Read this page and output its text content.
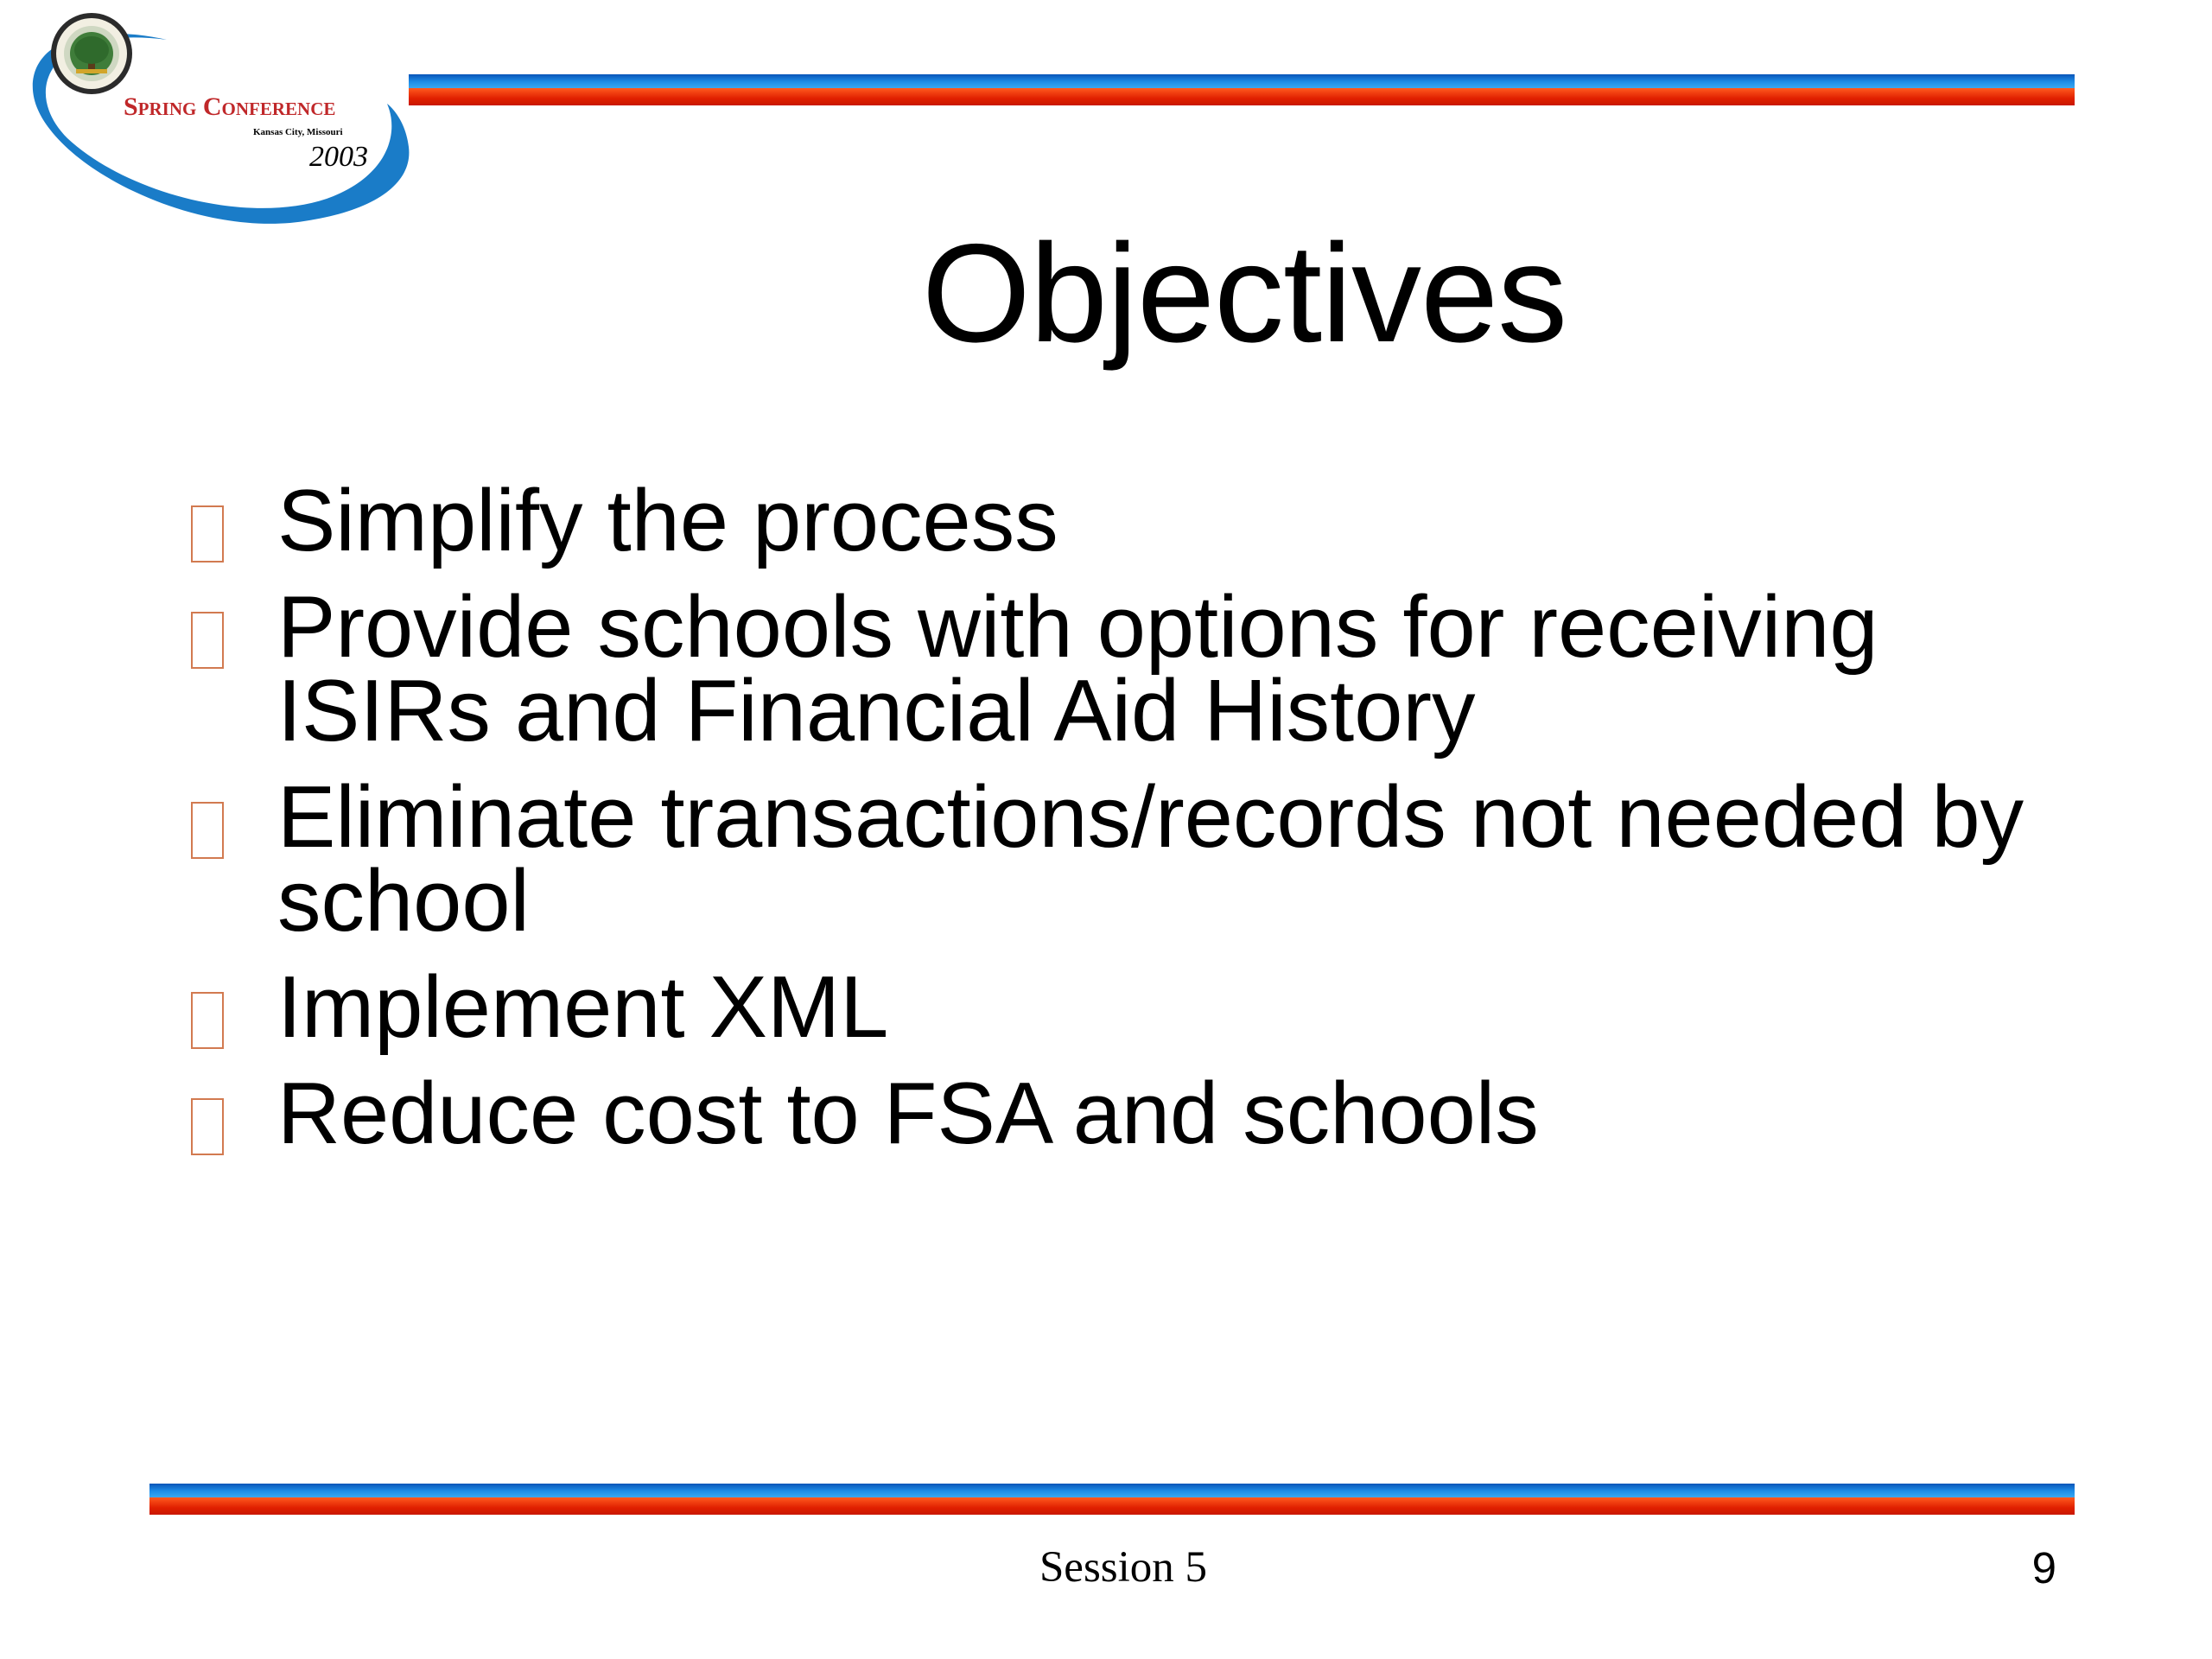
Spring Conference
Kansas City, Missouri
2003
Objectives
Simplify the process
Provide schools with options for receiving ISIRs and Financial Aid History
Eliminate transactions/records not needed by school
Implement XML
Reduce cost to FSA and schools
Session 5	9
